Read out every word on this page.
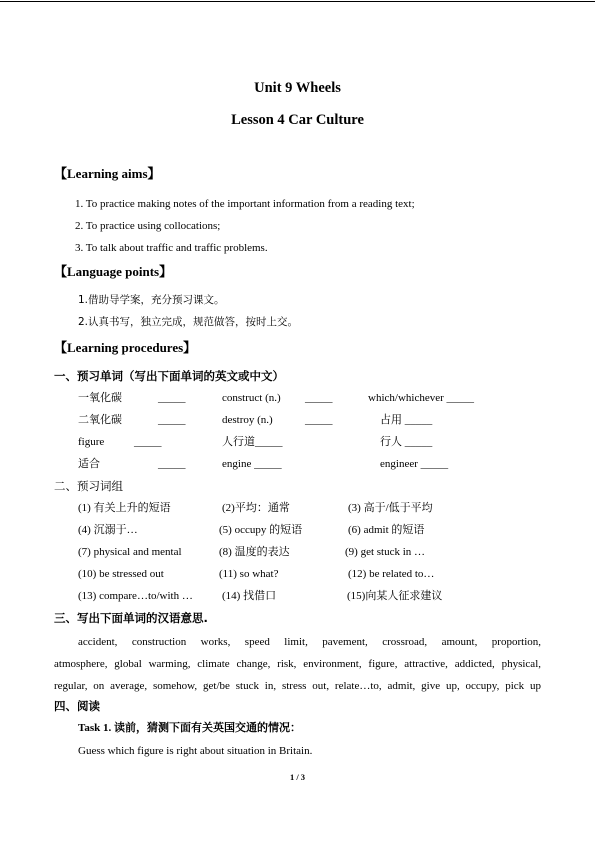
Unit 9 Wheels
Lesson 4 Car Culture
【Learning aims】
1. To practice making notes of the important information from a reading text;
2. To practice using collocations;
3. To talk about traffic and traffic problems.
【Language points】
1.借助导学案，充分预习课文。
2.认真书写，独立完成，规范做答，按时上交。
【Learning procedures】
一、预习单词（写出下面单词的英文或中文）
一氧化碳	_____	construct (n.) _____	which/whichever _____
二氧化碳	_____	destroy (n.)	_____	占用 _____
figure	_____	人行道_____	行人 _____
适合	_____	engine _____	engineer _____
二、预习词组
(1) 有关上升的短语	(2)平均：通常	(3) 高于/低于平均
(4) 沉溺于…	(5) occupy 的短语	(6) admit 的短语
(7) physical and mental	(8) 温度的表达	(9) get stuck in …
(10) be stressed out	(11) so what?	(12) be related to…
(13) compare…to/with …	(14) 找借口	(15)向某人征求建议
三、写出下面单词的汉语意思.
accident, construction works, speed limit, pavement, crossroad, amount, proportion,
atmosphere, global warming, climate change, risk, environment, figure, attractive, addicted, physical,
regular, on average, somehow, get/be stuck in, stress out, relate…to, admit, give up, occupy, pick up
四、阅读
Task 1. 读前，猜测下面有关英国交通的情况：
Guess which figure is right about situation in Britain.
1 / 3
